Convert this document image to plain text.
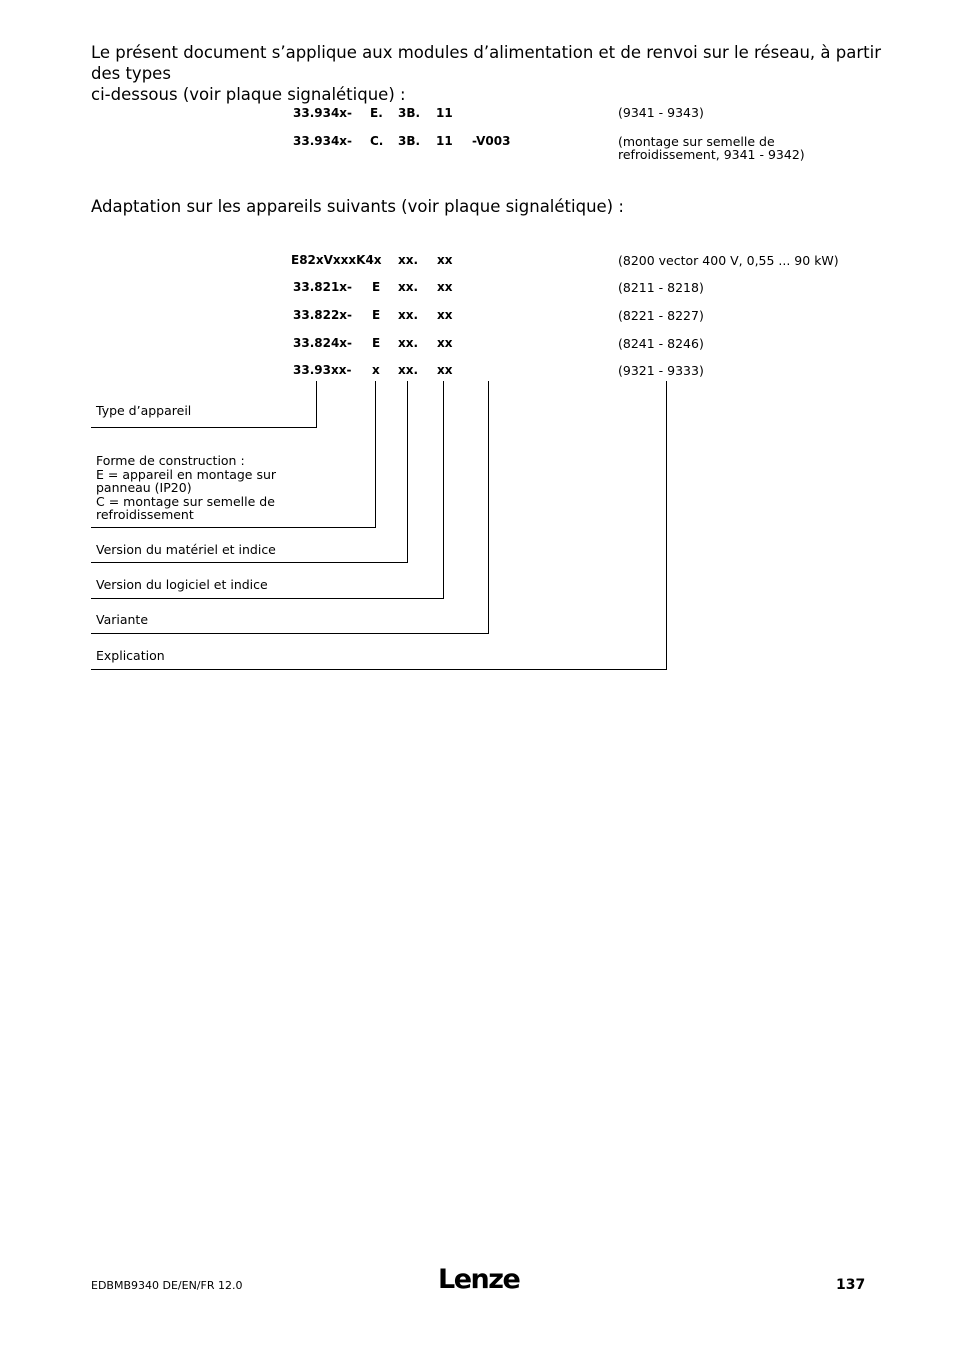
Le présent document s’applique aux modules d’alimentation et de renvoi sur le réseau, à partir des types
ci-dessous (voir plaque signalétique) :
33.934x- E. 3B. 11	(9341 - 9343)
33.934x- C. 3B. 11 -V003	(montage sur semelle de
refroidissement, 9341 - 9342)
Adaptation sur les appareils suivants (voir plaque signalétique) :
E82xVxxxK4x xx. xx	(8200 vector 400 V, 0,55 ... 90 kW)
33.821x- E xx. xx	(8211 - 8218)
33.822x- E xx. xx	(8221 - 8227)
33.824x- E xx. xx	(8241 - 8246)
33.93xx- x xx. xx	(9321 - 9333)
Type d’appareil
Forme de construction :
E = appareil en montage sur
panneau (IP20)
C = montage sur semelle de
refroidissement
Version du matériel et indice
Version du logiciel et indice
Variante
Explication
EDBMB9340 DE/EN/FR 12.0	Lenze	137
